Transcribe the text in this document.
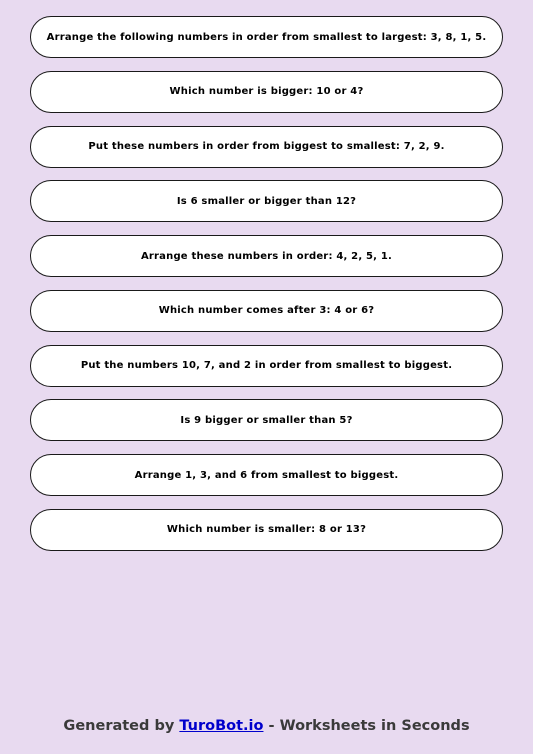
Arrange the following numbers in order from smallest to largest: 3, 8, 1, 5.
Which number is bigger: 10 or 4?
Put these numbers in order from biggest to smallest: 7, 2, 9.
Is 6 smaller or bigger than 12?
Arrange these numbers in order: 4, 2, 5, 1.
Which number comes after 3: 4 or 6?
Put the numbers 10, 7, and 2 in order from smallest to biggest.
Is 9 bigger or smaller than 5?
Arrange 1, 3, and 6 from smallest to biggest.
Which number is smaller: 8 or 13?
Generated by TuroBot.io - Worksheets in Seconds
